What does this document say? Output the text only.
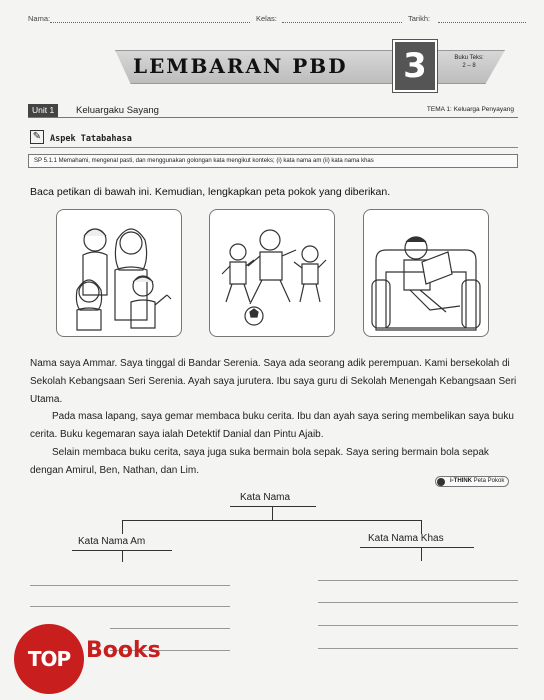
Nama:	Kelas:	Tarikh:
LEMBARAN PBD 3	Buku Teks:
2 – 8
Unit 1	Keluargaku Sayang	TEMA 1: Keluarga Penyayang
✎	Aspek Tatabahasa
SP 5.1.1 Memahami, mengenal pasti, dan menggunakan golongan kata mengikut konteks; (i) kata nama am (ii) kata nama khas
Baca petikan di bawah ini. Kemudian, lengkapkan peta pokok yang diberikan.

Nama saya Ammar. Saya tinggal di Bandar Serenia. Saya ada seorang adik perempuan. Kami bersekolah di Sekolah Kebangsaan Seri Serenia. Ayah saya jurutera. Ibu saya guru di Sekolah Menengah Kebangsaan Seri Utama.

Pada masa lapang, saya gemar membaca buku cerita. Ibu dan ayah saya sering membelikan saya buku cerita. Buku kegemaran saya ialah Detektif Danial dan Pintu Ajaib.

Selain membaca buku cerita, saya juga suka bermain bola sepak. Saya sering bermain bola sepak dengan Amirul, Ben, Nathan, dan Lim.

i-THINK Peta Pokok
Kata Nama
Kata Nama Am	Kata Nama Khas
TOP Books
